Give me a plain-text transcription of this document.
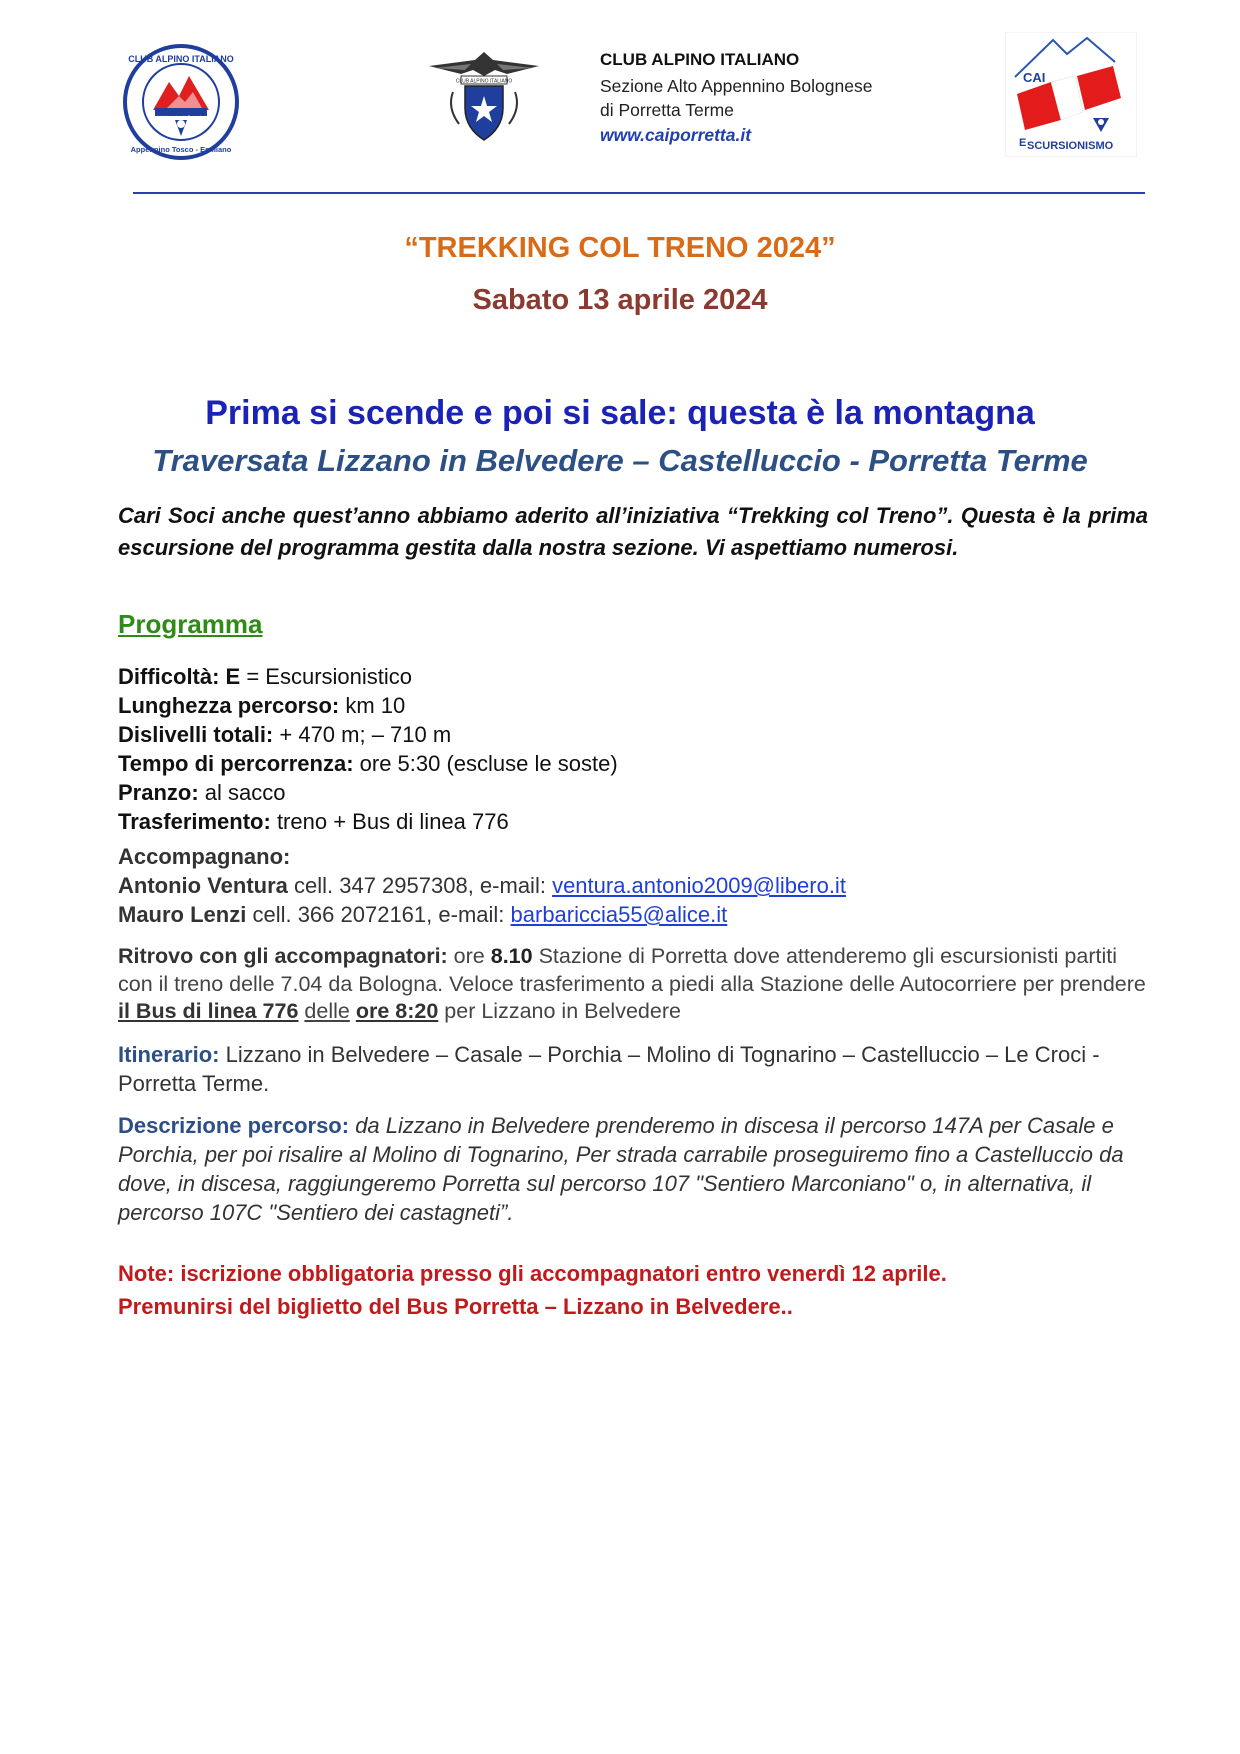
CLUB ALPINO ITALIANO
Scuola Intersezionale Escursionismo
Appennino Tosco - Emiliano
CLUB ALPINO ITALIANO
CLUB ALPINO ITALIANO
Sezione Alto Appennino Bolognese
di Porretta Terme
www.caiporretta.it
CAI
E SCURSIONISMO
“TREKKING COL TRENO 2024”
Sabato 13 aprile 2024
Prima si scende e poi si sale: questa è la montagna
Traversata Lizzano in Belvedere – Castelluccio - Porretta Terme
Cari Soci anche quest’anno abbiamo aderito all’iniziativa “Trekking col Treno”. Questa è la prima escursione del programma gestita dalla nostra sezione. Vi aspettiamo numerosi.
Programma
Difficoltà: E = Escursionistico
Lunghezza percorso: km 10
Dislivelli totali: + 470 m; – 710 m
Tempo di percorrenza: ore 5:30 (escluse le soste)
Pranzo: al sacco
Trasferimento: treno + Bus di linea 776
Accompagnano:
Antonio Ventura cell. 347 2957308, e-mail: ventura.antonio2009@libero.it
Mauro Lenzi cell. 366 2072161, e-mail: barbariccia55@alice.it
Ritrovo con gli accompagnatori: ore 8.10 Stazione di Porretta dove attenderemo gli escursionisti partiti con il treno delle 7.04 da Bologna. Veloce trasferimento a piedi alla Stazione delle Autocorriere per prendere il Bus di linea 776 delle ore 8:20 per Lizzano in Belvedere
Itinerario: Lizzano in Belvedere – Casale – Porchia – Molino di Tognarino – Castelluccio – Le Croci - Porretta Terme.
Descrizione percorso: da Lizzano in Belvedere prenderemo in discesa il percorso 147A per Casale e Porchia, per poi risalire al Molino di Tognarino, Per strada carrabile proseguiremo fino a Castelluccio da dove, in discesa, raggiungeremo Porretta sul percorso 107 "Sentiero Marconiano" o, in alternativa, il percorso 107C "Sentiero dei castagneti”.
Note: iscrizione obbligatoria presso gli accompagnatori entro venerdì 12 aprile.
Premunirsi del biglietto del Bus Porretta – Lizzano in Belvedere..
